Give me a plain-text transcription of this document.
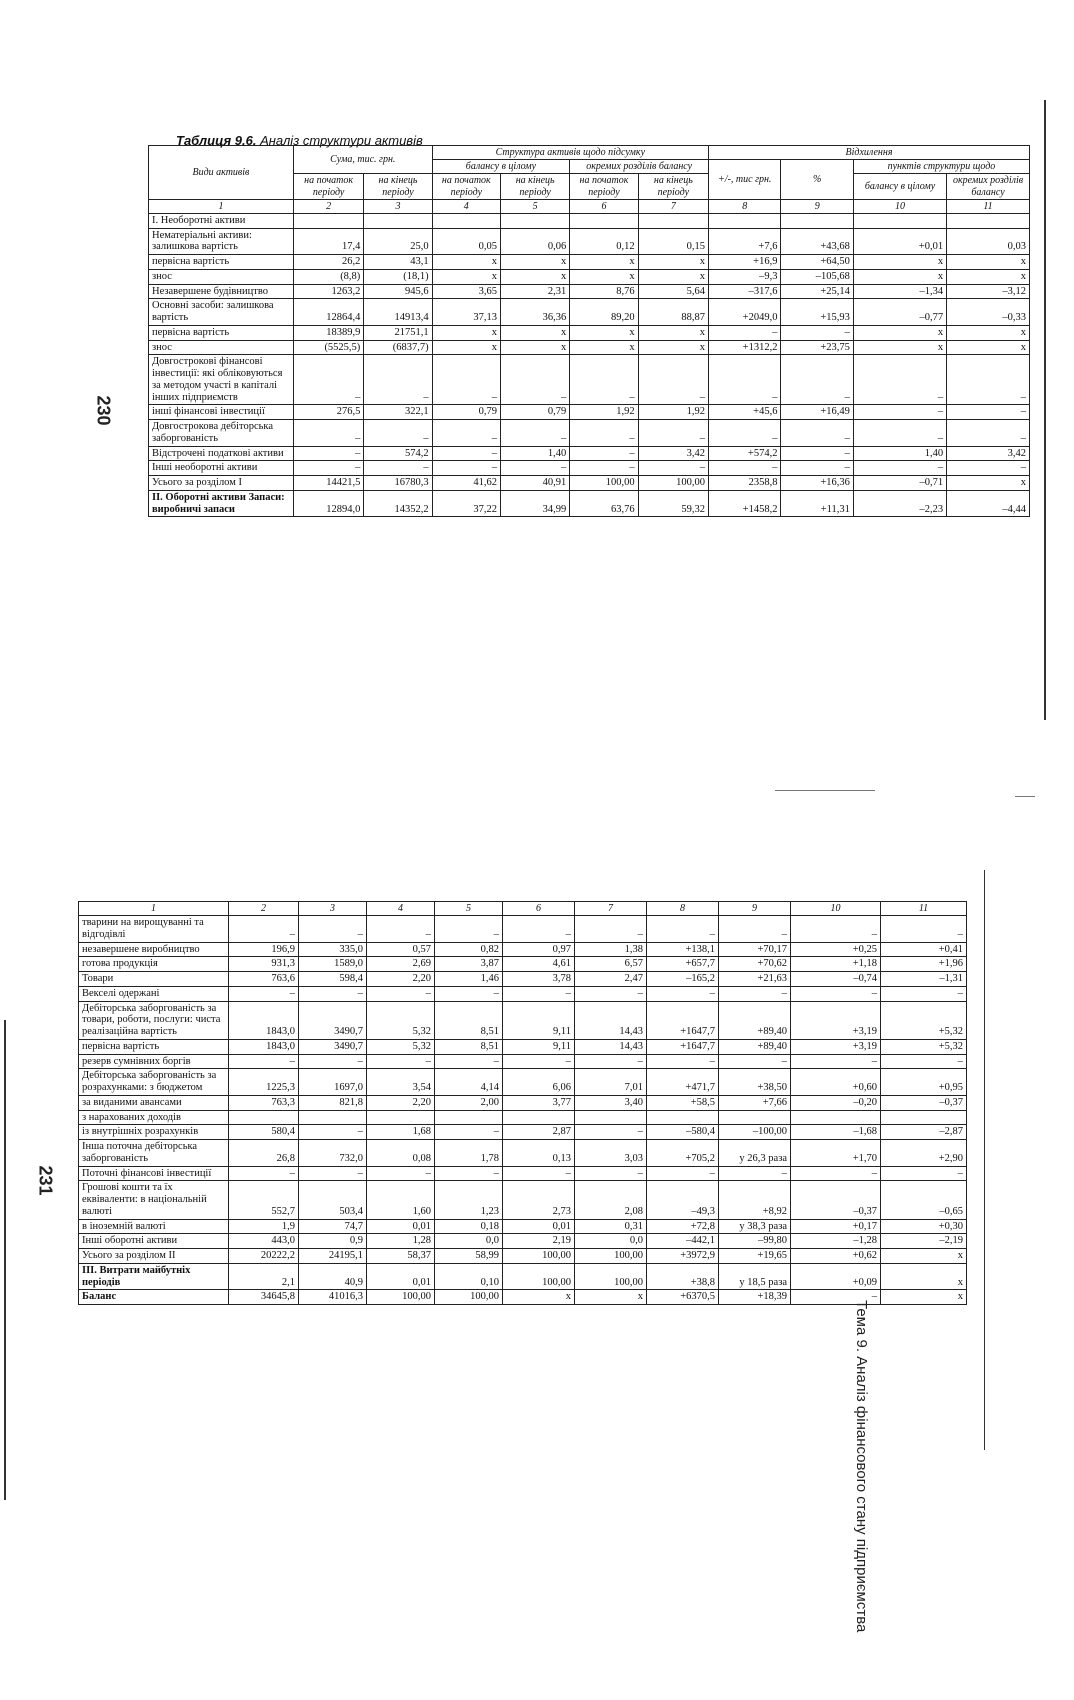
230
231
Тема 9. Аналіз фінансового стану підприємства
Таблиця 9.6. Аналіз структури активів
Види активів	Сума, тис. грн.		Структура активів щодо підсумку				Відхилення			
			балансу в цілому		окремих розділів балансу		+/-, тис грн.	%	пунктів структури щодо	
	на початок періоду	на кінець періоду	на початок періоду	на кінець періоду	на початок періоду	на кінець періоду			балансу в цілому	окремих розділів балансу
1	2	3	4	5	6	7	8	9	10	11
І. Необоротні активи										
Нематеріальні активи: залишкова вартість	17,4	25,0	0,05	0,06	0,12	0,15	+7,6	+43,68	+0,01	0,03
первісна вартість	26,2	43,1	х	х	х	х	+16,9	+64,50	х	х
знос	(8,8)	(18,1)	х	х	х	х	–9,3	–105,68	х	х
Незавершене будівництво	1263,2	945,6	3,65	2,31	8,76	5,64	–317,6	+25,14	–1,34	–3,12
Основні засоби: залишкова вартість	12864,4	14913,4	37,13	36,36	89,20	88,87	+2049,0	+15,93	–0,77	–0,33
первісна вартість	18389,9	21751,1	х	х	х	х	–	–	х	х
знос	(5525,5)	(6837,7)	х	х	х	х	+1312,2	+23,75	х	х
Довгострокові фінансові інвестиції: які обліковуються за методом участі в капіталі інших підприємств	–	–	–	–	–	–	–	–	–	–
інші фінансові інвестиції	276,5	322,1	0,79	0,79	1,92	1,92	+45,6	+16,49	–	–
Довгострокова дебіторська заборгованість	–	–	–	–	–	–	–	–	–	–
Відстрочені податкові активи	–	574,2	–	1,40	–	3,42	+574,2	–	1,40	3,42
Інші необоротні активи	–	–	–	–	–	–	–	–	–	–
Усього за розділом І	14421,5	16780,3	41,62	40,91	100,00	100,00	2358,8	+16,36	–0,71	х
ІІ. Оборотні активи Запаси: виробничі запаси	12894,0	14352,2	37,22	34,99	63,76	59,32	+1458,2	+11,31	–2,23	–4,44
1	2	3	4	5	6	7	8	9	10	11
тварини на вирощуванні та відгодівлі	–	–	–	–	–	–	–	–	–	–
незавершене виробництво	196,9	335,0	0,57	0,82	0,97	1,38	+138,1	+70,17	+0,25	+0,41
готова продукція	931,3	1589,0	2,69	3,87	4,61	6,57	+657,7	+70,62	+1,18	+1,96
Товари	763,6	598,4	2,20	1,46	3,78	2,47	–165,2	+21,63	–0,74	–1,31
Векселі одержані	–	–	–	–	–	–	–	–	–	–
Дебіторська заборгованість за товари, роботи, послуги: чиста реалізаційна вартість	1843,0	3490,7	5,32	8,51	9,11	14,43	+1647,7	+89,40	+3,19	+5,32
первісна вартість	1843,0	3490,7	5,32	8,51	9,11	14,43	+1647,7	+89,40	+3,19	+5,32
резерв сумнівних боргів	–	–	–	–	–	–	–	–	–	–
Дебіторська заборгованість за розрахунками: з бюджетом	1225,3	1697,0	3,54	4,14	6,06	7,01	+471,7	+38,50	+0,60	+0,95
за виданими авансами	763,3	821,8	2,20	2,00	3,77	3,40	+58,5	+7,66	–0,20	–0,37
з нарахованих доходів										
із внутрішніх розрахунків	580,4	–	1,68	–	2,87	–	–580,4	–100,00	–1,68	–2,87
Інша поточна дебіторська заборгованість	26,8	732,0	0,08	1,78	0,13	3,03	+705,2	у 26,3 раза	+1,70	+2,90
Поточні фінансові інвестиції	–	–	–	–	–	–	–	–	–	–
Грошові кошти та їх еквіваленти: в національній валюті	552,7	503,4	1,60	1,23	2,73	2,08	–49,3	+8,92	–0,37	–0,65
в іноземній валюті	1,9	74,7	0,01	0,18	0,01	0,31	+72,8	у 38,3 раза	+0,17	+0,30
Інші оборотні активи	443,0	0,9	1,28	0,0	2,19	0,0	–442,1	–99,80	–1,28	–2,19
Усього за розділом ІІ	20222,2	24195,1	58,37	58,99	100,00	100,00	+3972,9	+19,65	+0,62	х
ІІІ. Витрати майбутніх періодів	2,1	40,9	0,01	0,10	100,00	100,00	+38,8	у 18,5 раза	+0,09	х
Баланс	34645,8	41016,3	100,00	100,00	х	х	+6370,5	+18,39	–	х
